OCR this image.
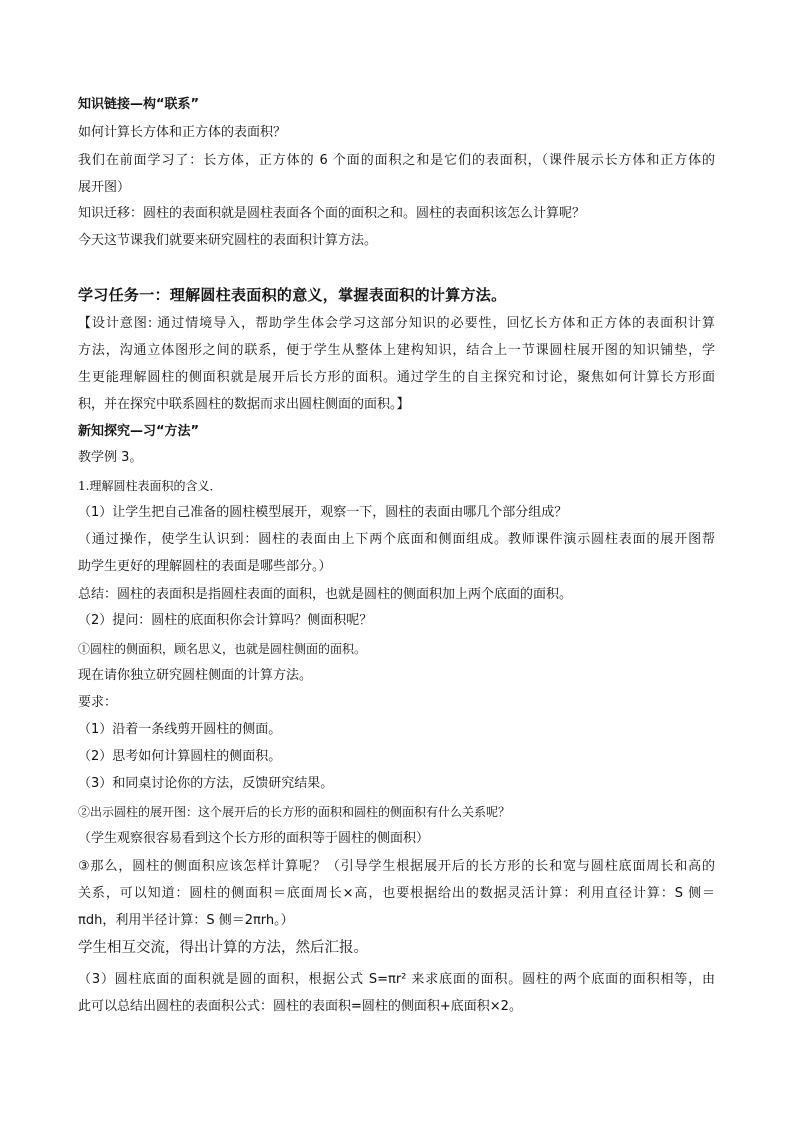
知识链接—构“联系”
如何计算长方体和正方体的表面积？
我们在前面学习了：长方体，正方体的 6 个面的面积之和是它们的表面积，（课件展示长方体和正方体的
展开图）
知识迁移：圆柱的表面积就是圆柱表面各个面的面积之和。圆柱的表面积该怎么计算呢？
今天这节课我们就要来研究圆柱的表面积计算方法。
学习任务一：理解圆柱表面积的意义，掌握表面积的计算方法。
【设计意图: 通过情境导入，帮助学生体会学习这部分知识的必要性，回忆长方体和正方体的表面积计算
方法，沟通立体图形之间的联系，便于学生从整体上建构知识，结合上一节课圆柱展开图的知识铺垫，学
生更能理解圆柱的侧面积就是展开后长方形的面积。通过学生的自主探究和讨论，聚焦如何计算长方形面
积，并在探究中联系圆柱的数据而求出圆柱侧面的面积。】
新知探究—习“方法”
教学例 3。
1.理解圆柱表面积的含义．
（1）让学生把自己准备的圆柱模型展开，观察一下，圆柱的表面由哪几个部分组成？
（通过操作，使学生认识到：圆柱的表面由上下两个底面和侧面组成。教师课件演示圆柱表面的展开图帮
助学生更好的理解圆柱的表面是哪些部分。）
总结：圆柱的表面积是指圆柱表面的面积，也就是圆柱的侧面积加上两个底面的面积。
（2）提问：圆柱的底面积你会计算吗？侧面积呢？
①圆柱的侧面积，顾名思义，也就是圆柱侧面的面积。
现在请你独立研究圆柱侧面的计算方法。
要求：
（1）沿着一条线剪开圆柱的侧面。
（2）思考如何计算圆柱的侧面积。
（3）和同桌讨论你的方法，反馈研究结果。
②出示圆柱的展开图：这个展开后的长方形的面积和圆柱的侧面积有什么关系呢？
（学生观察很容易看到这个长方形的面积等于圆柱的侧面积）
③那么，圆柱的侧面积应该怎样计算呢？（引导学生根据展开后的长方形的长和宽与圆柱底面周长和高的
关系，可以知道：圆柱的侧面积＝底面周长×高，也要根据给出的数据灵活计算：利用直径计算：S 侧＝
πdh，利用半径计算：S 侧＝2πrh。）
学生相互交流，得出计算的方法，然后汇报。
（3）圆柱底面的面积就是圆的面积，根据公式 S=πr² 来求底面的面积。圆柱的两个底面的面积相等，由
此可以总结出圆柱的表面积公式：圆柱的表面积=圆柱的侧面积+底面积×2。
